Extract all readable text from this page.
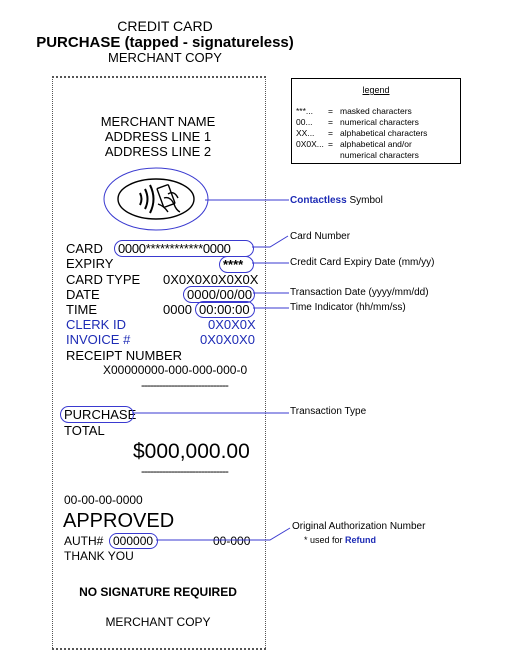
CREDIT CARD
PURCHASE (tapped - signatureless)
MERCHANT COPY
MERCHANT NAME
ADDRESS LINE 1
ADDRESS LINE 2
CARD 0000************0000
EXPIRY	****
CARD TYPE 0X0X0X0X0X0X
DATE	0000/00/00
TIME	0000 00:00:00
CLERK ID	0X0X0X
INVOICE #	0X0X0X0
RECEIPT NUMBER
X00000000-000-000-000-0
-----------------------------
PURCHASE
TOTAL
$000,000.00
-----------------------------
00-00-00-0000
APPROVED
AUTH# 000000	00-000
THANK YOU
NO SIGNATURE REQUIRED
MERCHANT COPY
legend
***... = masked characters
00... = numerical characters
XX... = alphabetical characters
0X0X... = alphabetical and/or
numerical characters
Contactless Symbol
Card Number
Credit Card Expiry Date (mm/yy)
Transaction Date (yyyy/mm/dd)
Time Indicator (hh/mm/ss)
Transaction Type
Original Authorization Number
* used for Refund
